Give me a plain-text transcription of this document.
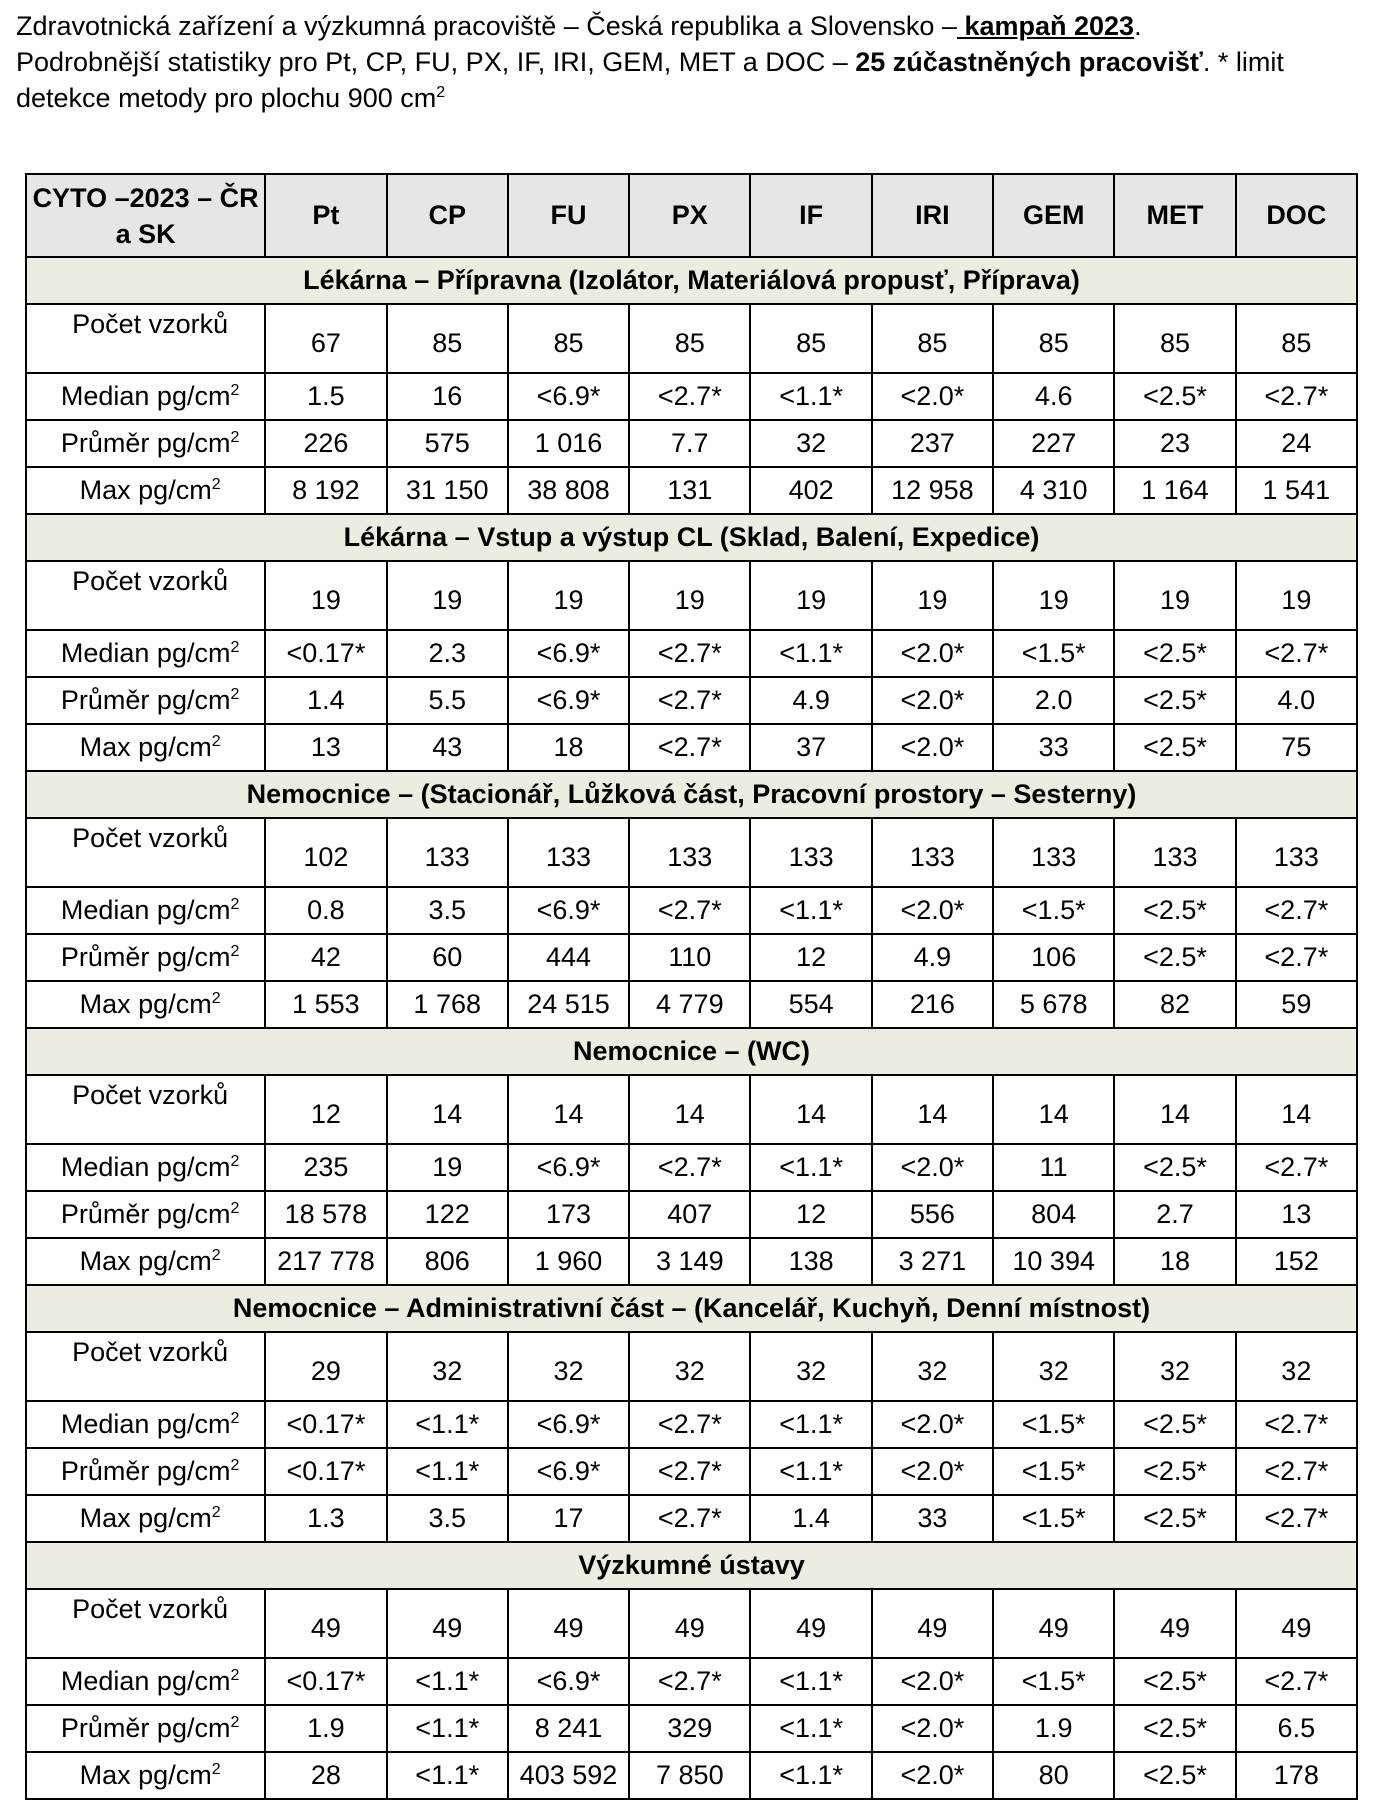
Zdravotnická zařízení a výzkumná pracoviště – Česká republika a Slovensko – kampaň 2023.
Podrobnější statistiky pro Pt, CP, FU, PX, IF, IRI, GEM, MET a DOC – 25 zúčastněných pracovišť. * limit detekce metody pro plochu 900 $cm^2$
CYTO –2023 – ČR a SK	Pt	CP	FU	PX	IF	IRI	GEM	MET	DOC
Lékárna – Přípravna (Izolátor, Materiálová propusť, Příprava)									
Počet vzorků	67	85	85	85	85	85	85	85	85
Median $pg/cm^2$	1.5	16	<6.9*	<2.7*	<1.1*	<2.0*	4.6	<2.5*	<2.7*
Průměr $pg/cm^2$	226	575	1 016	7.7	32	237	227	23	24
Max $pg/cm^2$	8 192	31 150	38 808	131	402	12 958	4 310	1 164	1 541
Lékárna – Vstup a výstup CL (Sklad, Balení, Expedice)									
Počet vzorků	19	19	19	19	19	19	19	19	19
Median $pg/cm^2$	<0.17*	2.3	<6.9*	<2.7*	<1.1*	<2.0*	<1.5*	<2.5*	<2.7*
Průměr $pg/cm^2$	1.4	5.5	<6.9*	<2.7*	4.9	<2.0*	2.0	<2.5*	4.0
Max $pg/cm^2$	13	43	18	<2.7*	37	<2.0*	33	<2.5*	75
Nemocnice – (Stacionář, Lůžková část, Pracovní prostory – Sesterny)									
Počet vzorků	102	133	133	133	133	133	133	133	133
Median $pg/cm^2$	0.8	3.5	<6.9*	<2.7*	<1.1*	<2.0*	<1.5*	<2.5*	<2.7*
Průměr $pg/cm^2$	42	60	444	110	12	4.9	106	<2.5*	<2.7*
Max $pg/cm^2$	1 553	1 768	24 515	4 779	554	216	5 678	82	59
Nemocnice – (WC)									
Počet vzorků	12	14	14	14	14	14	14	14	14
Median $pg/cm^2$	235	19	<6.9*	<2.7*	<1.1*	<2.0*	11	<2.5*	<2.7*
Průměr $pg/cm^2$	18 578	122	173	407	12	556	804	2.7	13
Max $pg/cm^2$	217 778	806	1 960	3 149	138	3 271	10 394	18	152
Nemocnice – Administrativní část – (Kancelář, Kuchyň, Denní místnost)									
Počet vzorků	29	32	32	32	32	32	32	32	32
Median $pg/cm^2$	<0.17*	<1.1*	<6.9*	<2.7*	<1.1*	<2.0*	<1.5*	<2.5*	<2.7*
Průměr $pg/cm^2$	<0.17*	<1.1*	<6.9*	<2.7*	<1.1*	<2.0*	<1.5*	<2.5*	<2.7*
Max $pg/cm^2$	1.3	3.5	17	<2.7*	1.4	33	<1.5*	<2.5*	<2.7*
Výzkumné ústavy									
Počet vzorků	49	49	49	49	49	49	49	49	49
Median $pg/cm^2$	<0.17*	<1.1*	<6.9*	<2.7*	<1.1*	<2.0*	<1.5*	<2.5*	<2.7*
Průměr $pg/cm^2$	1.9	<1.1*	8 241	329	<1.1*	<2.0*	1.9	<2.5*	6.5
Max $pg/cm^2$	28	<1.1*	403 592	7 850	<1.1*	<2.0*	80	<2.5*	178
